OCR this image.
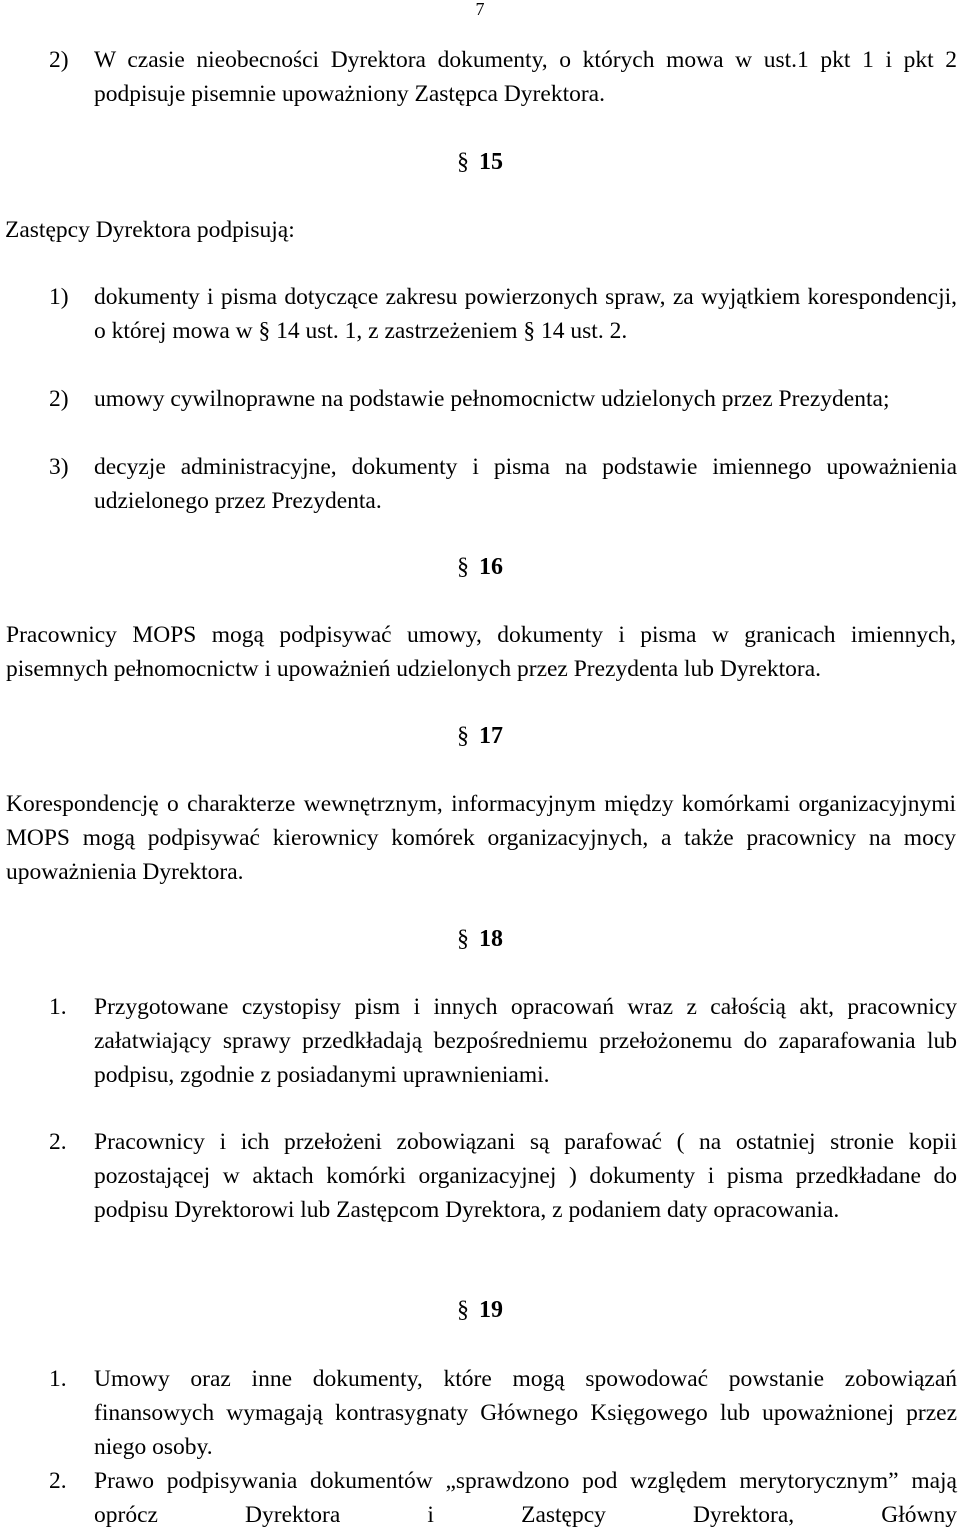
7
2)	W czasie nieobecności Dyrektora dokumenty, o których mowa w ust.1 pkt 1 i pkt 2 podpisuje pisemnie upoważniony Zastępca Dyrektora.
§ 15
Zastępcy Dyrektora podpisują:
1)	dokumenty i pisma dotyczące zakresu powierzonych spraw, za wyjątkiem korespondencji, o której mowa w § 14 ust. 1, z zastrzeżeniem § 14 ust. 2.
2)	umowy cywilnoprawne na podstawie pełnomocnictw udzielonych przez Prezydenta;
3)	decyzje administracyjne, dokumenty i pisma na podstawie imiennego upoważnienia udzielonego przez Prezydenta.
§ 16
Pracownicy MOPS mogą podpisywać umowy, dokumenty i pisma w granicach imiennych, pisemnych pełnomocnictw i upoważnień udzielonych przez Prezydenta lub Dyrektora.
§ 17
Korespondencję o charakterze wewnętrznym, informacyjnym między komórkami organizacyjnymi MOPS mogą podpisywać kierownicy komórek organizacyjnych, a także pracownicy na mocy upoważnienia Dyrektora.
§ 18
1.	Przygotowane czystopisy pism i innych opracowań wraz z całością akt, pracownicy załatwiający sprawy przedkładają bezpośredniemu przełożonemu do zaparafowania lub podpisu, zgodnie z posiadanymi uprawnieniami.
2.	Pracownicy i ich przełożeni zobowiązani są parafować ( na ostatniej stronie kopii pozostającej w aktach komórki organizacyjnej ) dokumenty i pisma przedkładane do podpisu Dyrektorowi lub Zastępcom Dyrektora, z podaniem daty opracowania.
§ 19
1.	Umowy oraz inne dokumenty, które mogą spowodować powstanie zobowiązań finansowych wymagają kontrasygnaty Głównego Księgowego lub upoważnionej przez niego osoby.
2.	Prawo podpisywania dokumentów „sprawdzono pod względem merytorycznym” mają oprócz Dyrektora i Zastępcy Dyrektora, Główny
